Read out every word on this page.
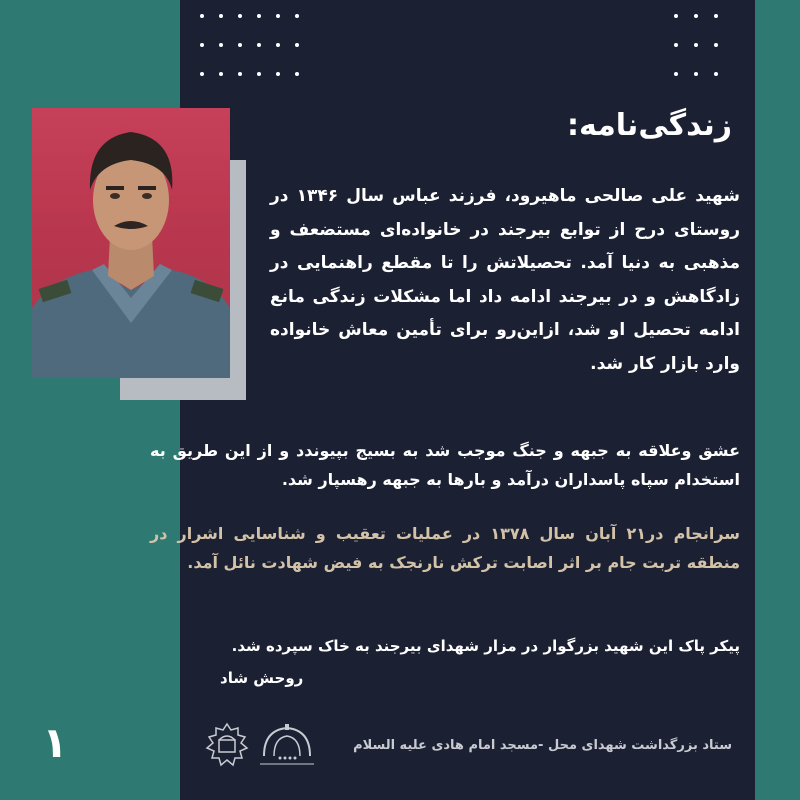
زندگی‌نامه:

شهید علی صالحی ماهیرود، فرزند عباس سال ۱۳۴۶ در روستای درح از توابع بیرجند در خانواده‌ای مستضعف و مذهبی به دنیا آمد. تحصیلاتش را تا مقطع راهنمایی در زادگاهش و در بیرجند ادامه داد اما مشکلات زندگی مانع ادامه تحصیل او شد، ازاین‌رو برای تأمین معاش خانواده وارد بازار کار شد.

عشق وعلاقه به جبهه و جنگ موجب شد به بسیج بپیوندد و از این طریق به استخدام سپاه پاسداران درآمد و بارها به جبهه رهسپار شد.

سرانجام در۲۱ آبان سال ۱۳۷۸ در عملیات تعقیب و شناسایی اشرار در منطقه تربت جام بر اثر اصابت ترکش نارنجک به فیض شهادت نائل آمد.

پیکر پاک این شهید بزرگوار در مزار شهدای بیرجند به خاک سپرده شد.

روحش شاد

ستاد بزرگداشت شهدای محل -مسجد امام هادی علیه السلام
۱
